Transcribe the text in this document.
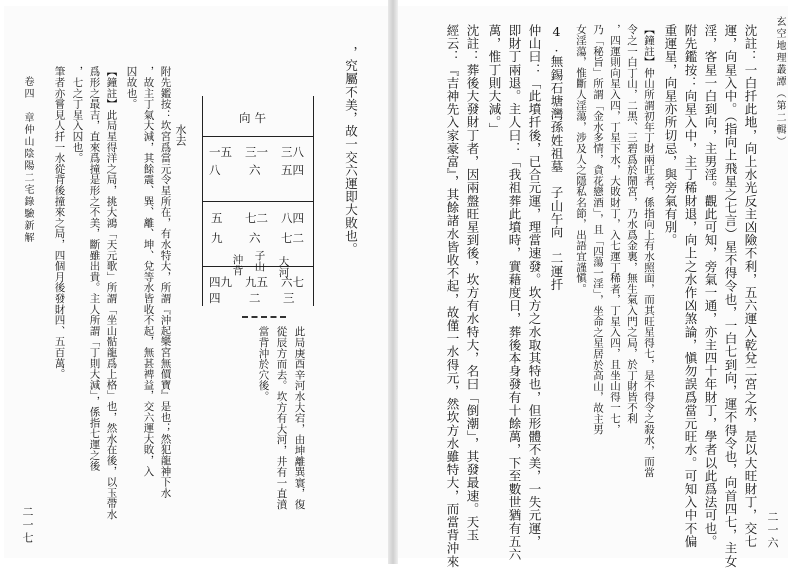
玄空地理叢譚（第二輯）
二一六
沈註：一白扦此地，向上水光反主凶險不利，五六運入乾兌二宮之水，是以大旺財丁，交七
運，向星入中。（指向上飛星之七言）星不得令也，一白七到向，運不得令也，向首四七，主女
淫，客星一白到向，主男淫。觀此可知，旁氣一通，亦主四十年財丁，學者以此爲法可也。
附先鑑按：向星入中，主丁稀財退，向上之水作凶煞論，愼勿誤爲當元旺水。可知入中不偏
重運星，向星亦所切忌，與旁氣有別。
【鐘註】仲山所謂初年丁財兩旺者，係指向上有水照面，而其旺星得七，是不得令之殺水，而當
令之一白丁山，二黑、三碧爲於鬧宮，乃水爲金裏，無生氣入門之局，於丁財皆不利
，四運則向星入四，丁星下水，大敗財丁，入七運丁稀者，丁星入四，且坐山得一七，
乃「秘旨」所謂「金水多情，貪花戀酒」，且「四蕩一淫」，坐命之星居於高山，故主男
女淫蕩，惟斷人淫蕩，涉及人之隱私名節，出語宜謹愼。
4.無錫石塘灣孫姓祖墓　子山午向　二運扦
仲山曰：「此墳扦後，已合元運，理當速發。坎方之水取其特也，但形體不美，一失元運，
即財丁兩退。主人曰：「我祖葬此墳時，實藉度日，葬後本身發有十餘萬，下至數世猶有五六
萬，惟丁則大減。」
沈註：葬後大發財丁者，因兩盤旺星到後，坎方有水特大，名曰「倒潮」，其發最速。天玉
經云：『吉神先入家豪富』，其餘諸水皆收不起，故僅一水得元，然坎方水雖特大，而當背沖來
，究屬不美，故一交六運即大敗也。
向午
一五 三一 三八
八 六 五四
五 七二 八四
九 六 七二
四九 九五 六七
四 二 三
水去
沖背 子山 大河
此局庚酉辛河水大宕，由坤離巽寰，復
從辰方而去。坎方有大河，井有一直濆
當背沖於穴後。
附先鑑按：坎宮爲當元令星所在，有水特大，所謂『沖起樂宮無價寶』是也；然犯龍神下水
，故主丁氣大減，其餘震、巽、離、坤、兌等水皆收不起，無甚裨益，交六運大敗，入
囚故也。
【鐘註】此局星得洋之局，挑大鴻「天元歌」所謂「坐山骷龍爲上格」也，然水在後，以玉帶水
爲形之最吉，直來爲撞是形之不美，斷雖出貴。主人所謂「丁則大減」，係指七運之後
，七之丁星入囚也。
筆者亦嘗見人扦一水從背後撞來之局，四個月後發財四、五百萬。
卷四　章仲山陰陽二宅錄驗新解
二一七
